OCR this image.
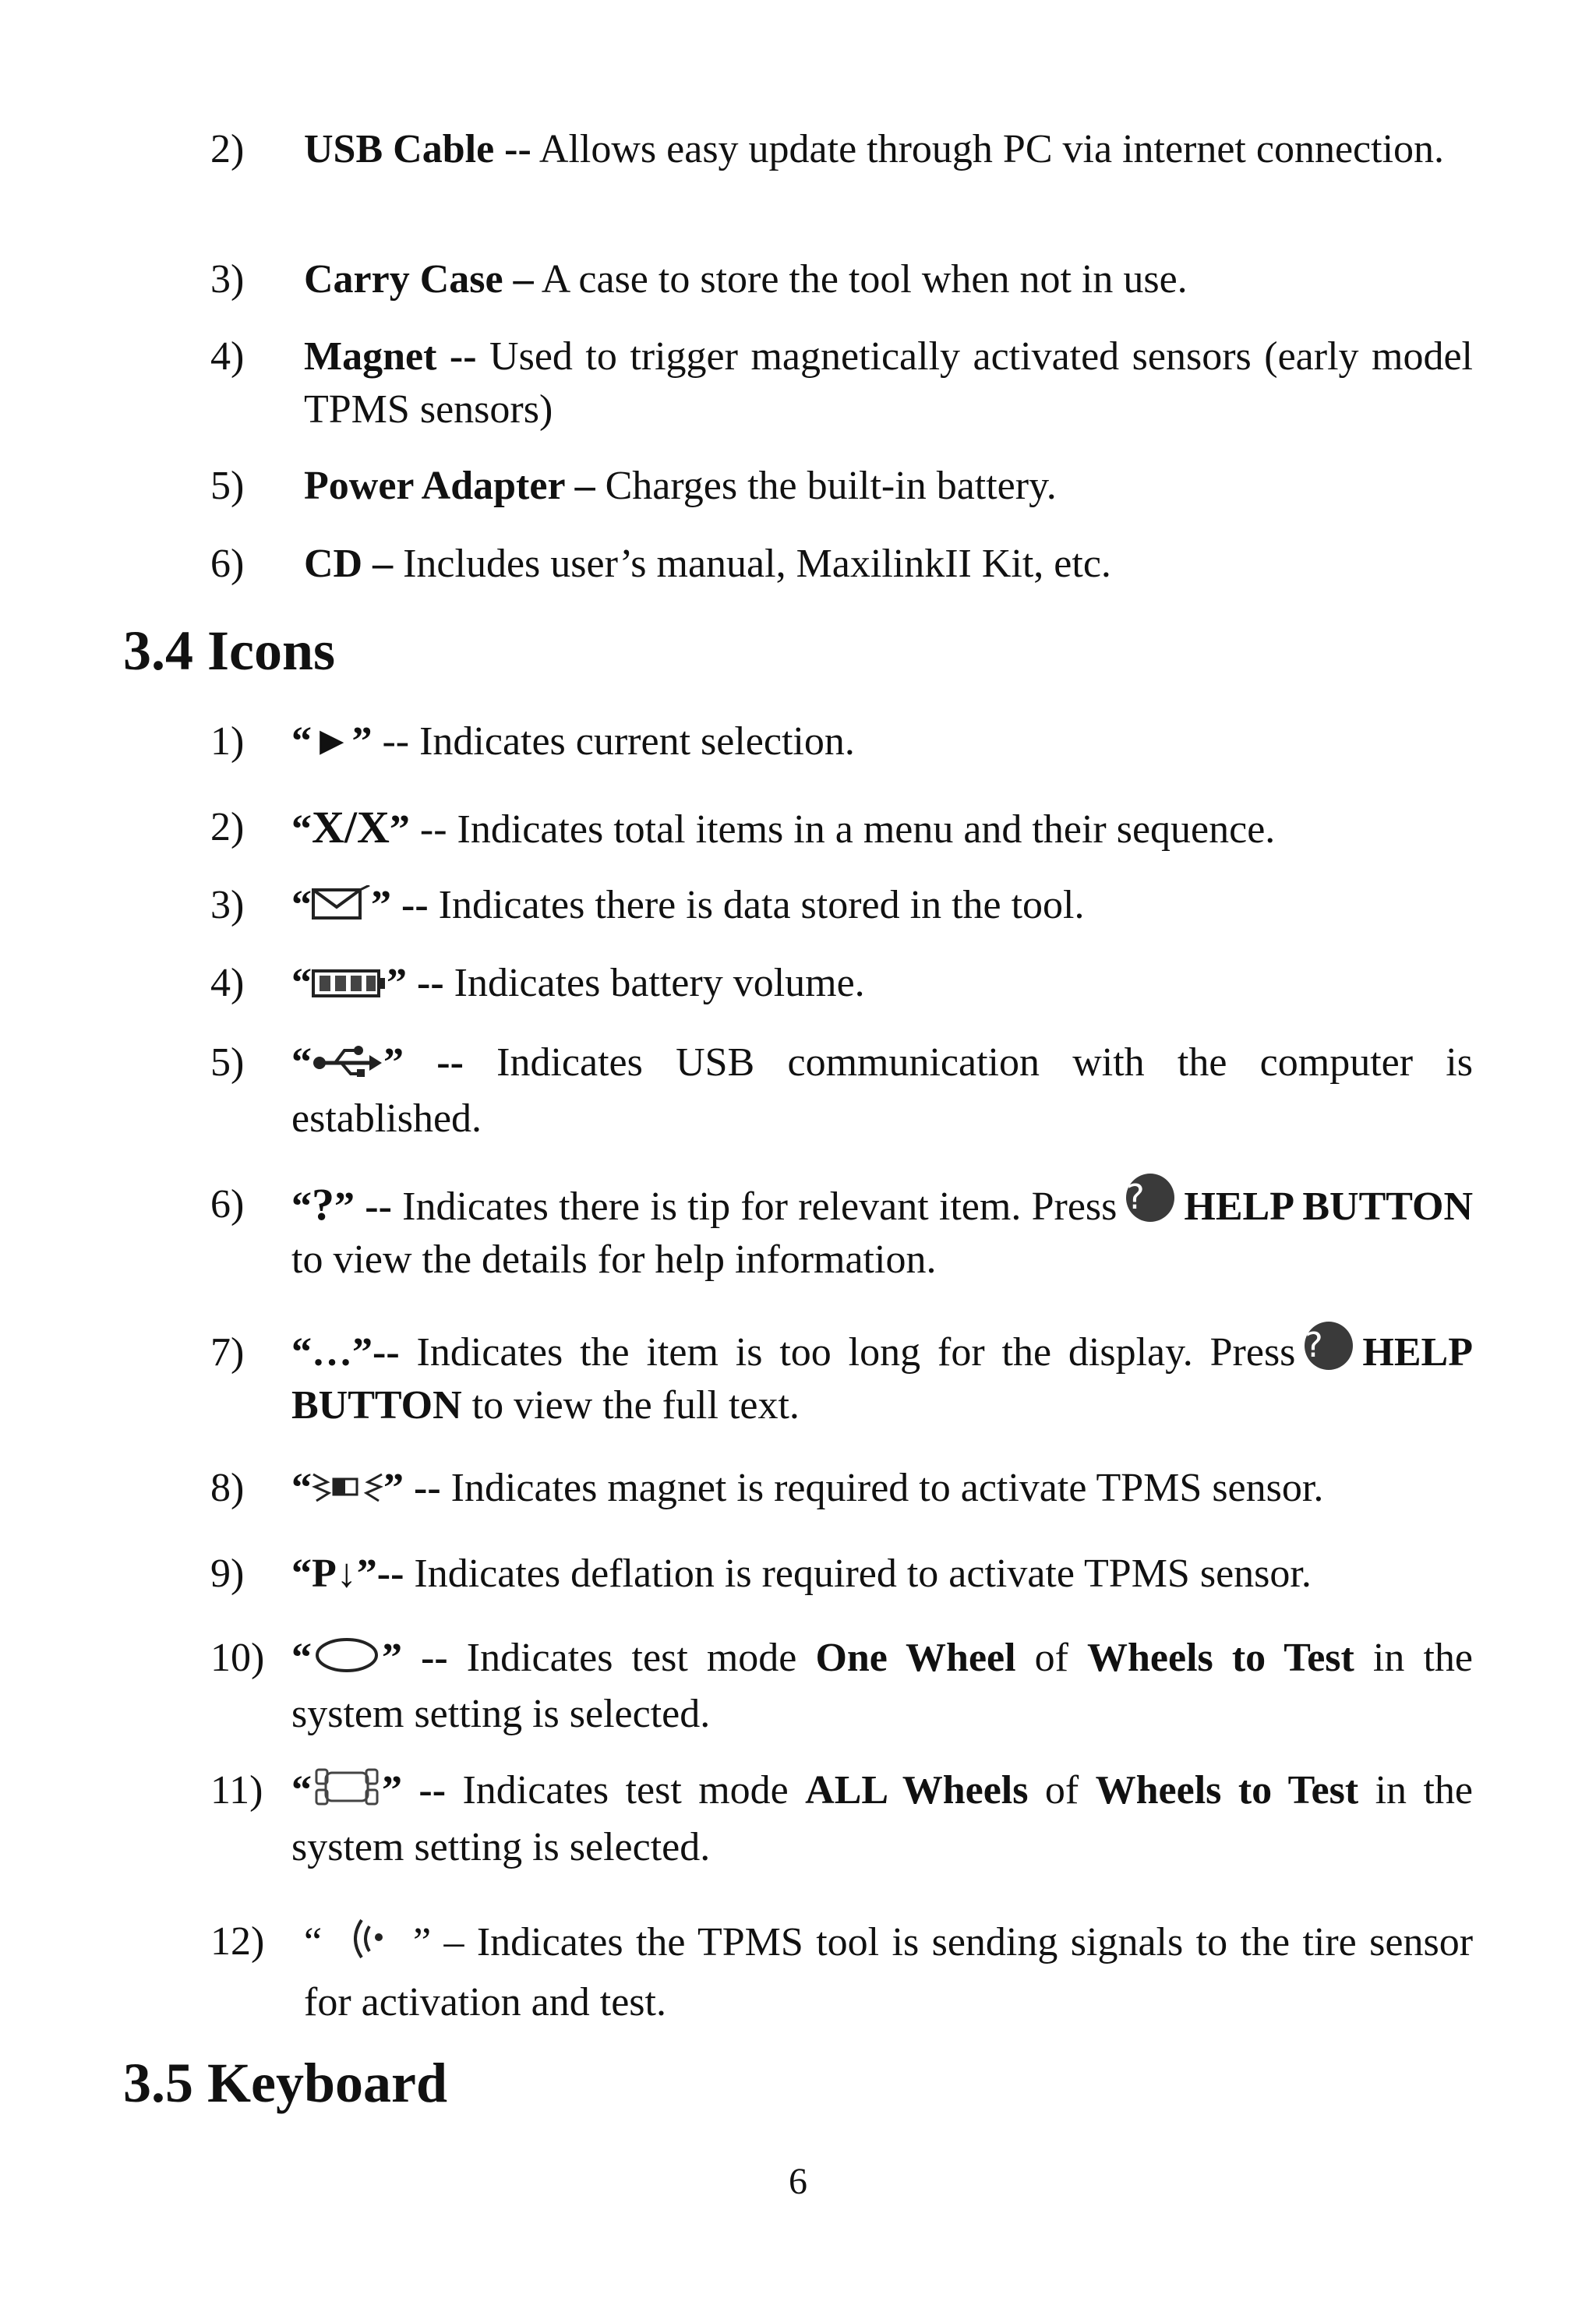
2)	USB Cable -- Allows easy update through PC via internet connection.
3)	Carry Case – A case to store the tool when not in use.
4)	Magnet -- Used to trigger magnetically activated sensors (early model TPMS sensors)
5)	Power Adapter – Charges the built-in battery.
6)	CD – Includes user’s manual, MaxilinkII Kit, etc.
3.4 Icons
1)	“►” -- Indicates current selection.
2)	“X/X” -- Indicates total items in a menu and their sequence.
3)	“ ” -- Indicates there is data stored in the tool.
4)	“ ” -- Indicates battery volume.
5)	“ ” -- Indicates USB communication with the computer is established.
6)	“?” -- Indicates there is tip for relevant item. Press ? HELP BUTTON to view the details for help information.
7)	“…”-- Indicates the item is too long for the display. Press ? HELP BUTTON to view the full text.
8)	“ ” -- Indicates magnet is required to activate TPMS sensor.
9)	“P↓”-- Indicates deflation is required to activate TPMS sensor.
10) “ ” -- Indicates test mode One Wheel of Wheels to Test in the system setting is selected.
11) “ ” -- Indicates test mode ALL Wheels of Wheels to Test in the system setting is selected.
12) “ ” – Indicates the TPMS tool is sending signals to the tire sensor for activation and test.
3.5 Keyboard
6
